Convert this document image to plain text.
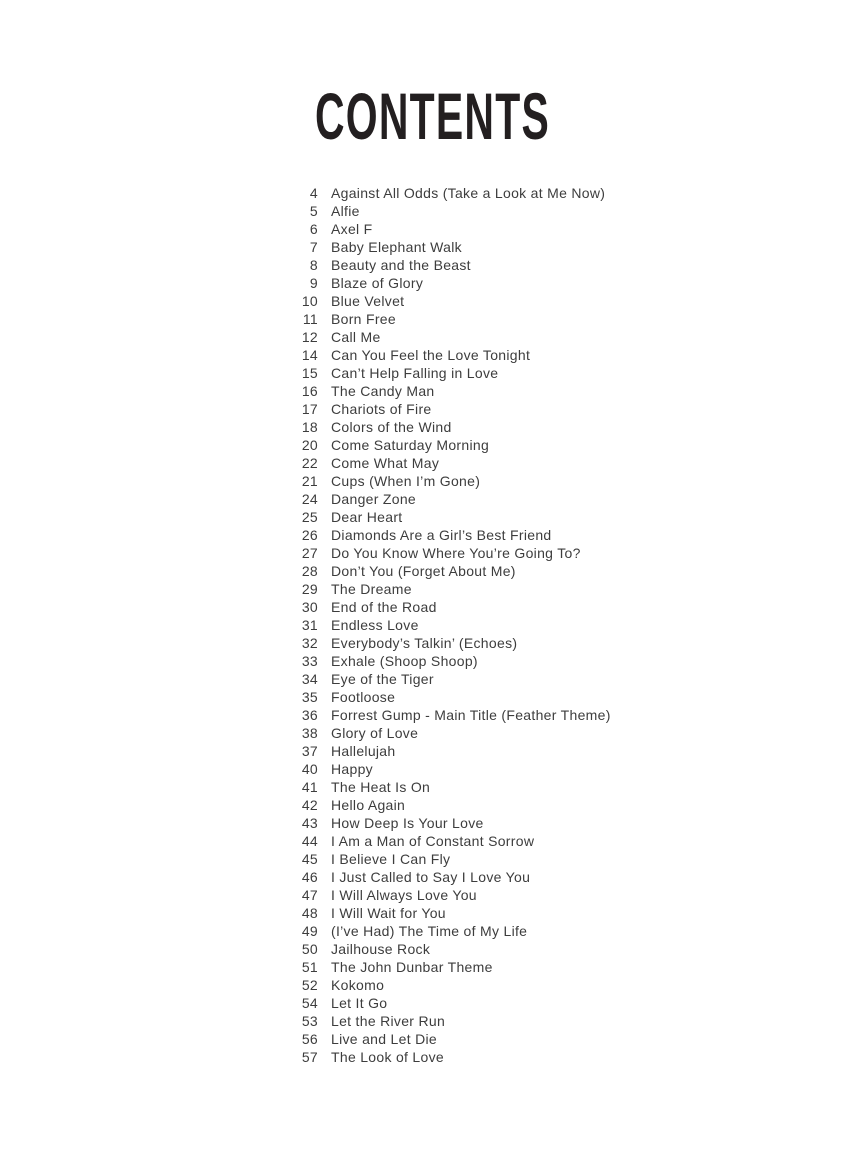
CONTENTS
4 Against All Odds (Take a Look at Me Now)
5 Alfie
6 Axel F
7 Baby Elephant Walk
8 Beauty and the Beast
9 Blaze of Glory
10 Blue Velvet
11 Born Free
12 Call Me
14 Can You Feel the Love Tonight
15 Can’t Help Falling in Love
16 The Candy Man
17 Chariots of Fire
18 Colors of the Wind
20 Come Saturday Morning
22 Come What May
21 Cups (When I’m Gone)
24 Danger Zone
25 Dear Heart
26 Diamonds Are a Girl’s Best Friend
27 Do You Know Where You’re Going To?
28 Don’t You (Forget About Me)
29 The Dreame
30 End of the Road
31 Endless Love
32 Everybody’s Talkin’ (Echoes)
33 Exhale (Shoop Shoop)
34 Eye of the Tiger
35 Footloose
36 Forrest Gump - Main Title (Feather Theme)
38 Glory of Love
37 Hallelujah
40 Happy
41 The Heat Is On
42 Hello Again
43 How Deep Is Your Love
44 I Am a Man of Constant Sorrow
45 I Believe I Can Fly
46 I Just Called to Say I Love You
47 I Will Always Love You
48 I Will Wait for You
49 (I’ve Had) The Time of My Life
50 Jailhouse Rock
51 The John Dunbar Theme
52 Kokomo
54 Let It Go
53 Let the River Run
56 Live and Let Die
57 The Look of Love
